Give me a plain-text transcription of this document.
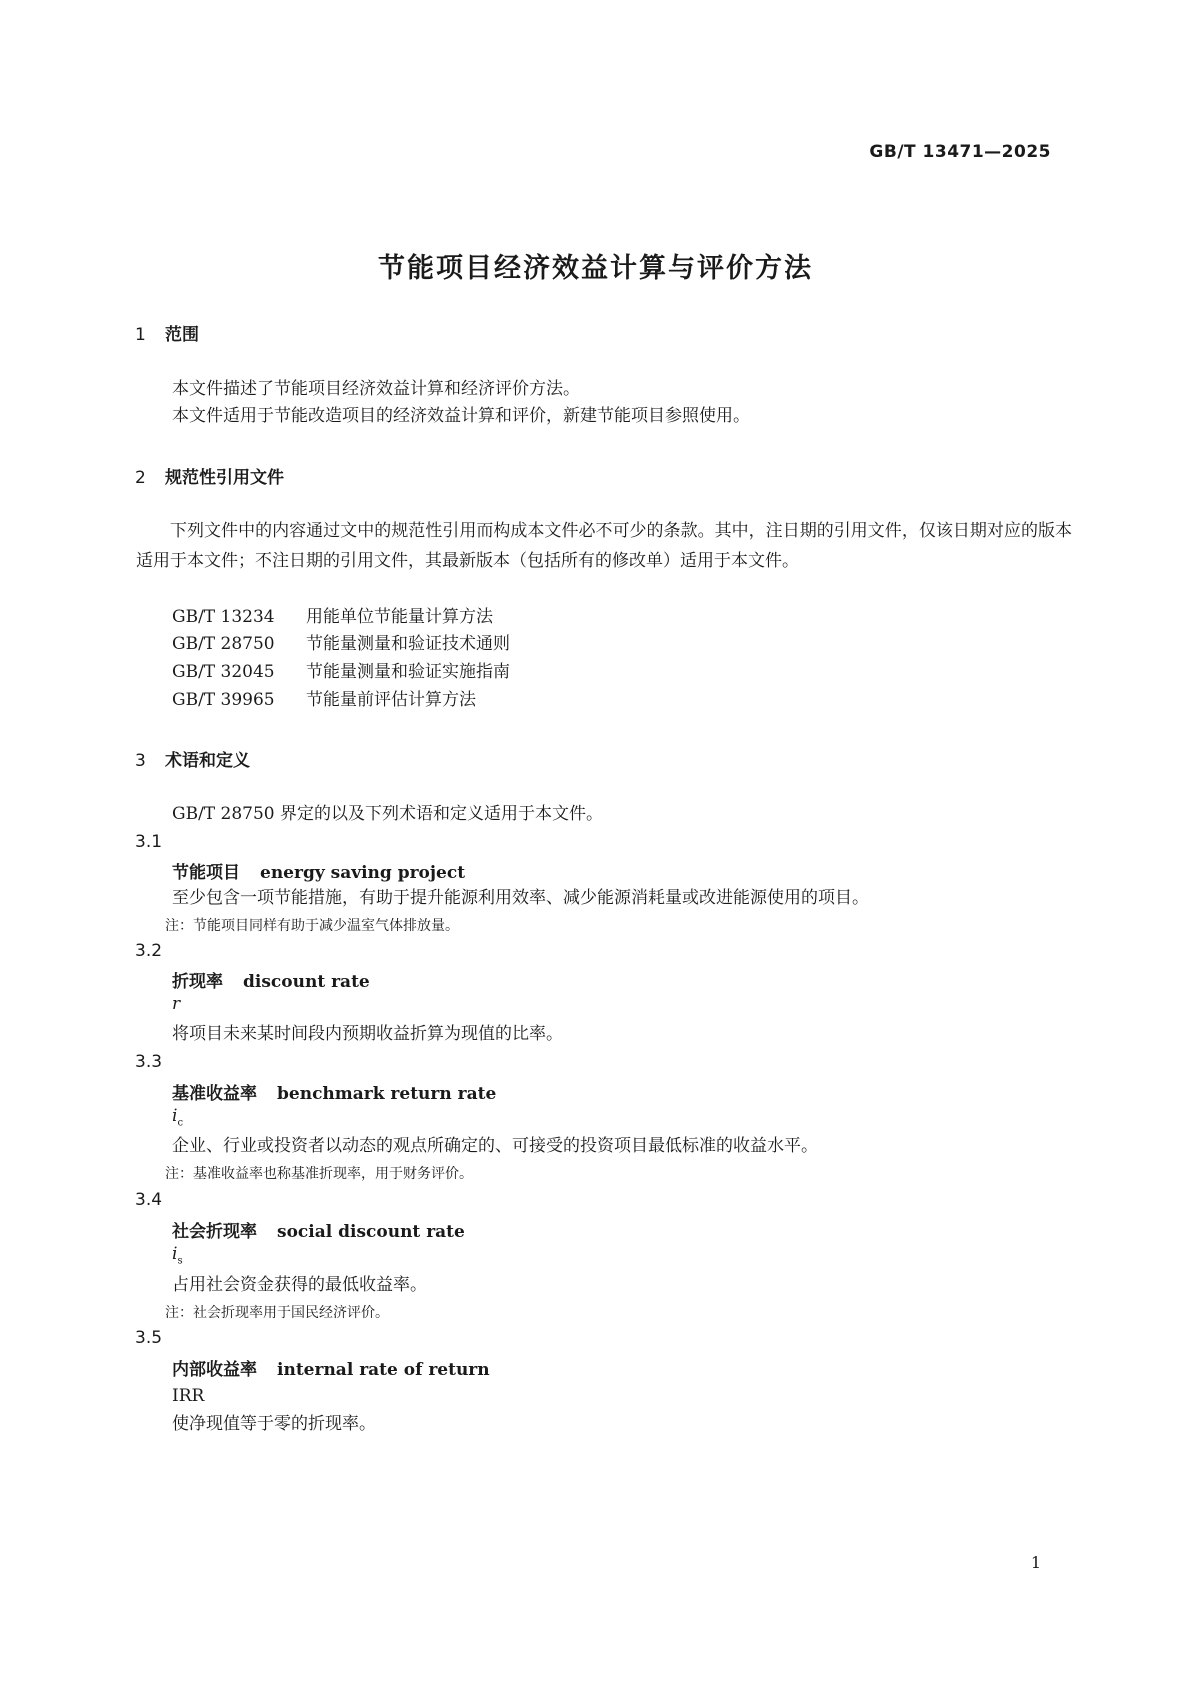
GB/T 13471—2025
节能项目经济效益计算与评价方法
1 范围
本文件描述了节能项目经济效益计算和经济评价方法。
本文件适用于节能改造项目的经济效益计算和评价，新建节能项目参照使用。
2 规范性引用文件
下列文件中的内容通过文中的规范性引用而构成本文件必不可少的条款。其中，注日期的引用文件，仅该日期对应的版本适用于本文件；不注日期的引用文件，其最新版本（包括所有的修改单）适用于本文件。
GB/T 13234 用能单位节能量计算方法
GB/T 28750 节能量测量和验证技术通则
GB/T 32045 节能量测量和验证实施指南
GB/T 39965 节能量前评估计算方法
3 术语和定义
GB/T 28750 界定的以及下列术语和定义适用于本文件。
3.1
节能项目 energy saving project
至少包含一项节能措施，有助于提升能源利用效率、减少能源消耗量或改进能源使用的项目。
注：节能项目同样有助于减少温室气体排放量。
3.2
折现率 discount rate
r
将项目未来某时间段内预期收益折算为现值的比率。
3.3
基准收益率 benchmark return rate
$i_c$
企业、行业或投资者以动态的观点所确定的、可接受的投资项目最低标准的收益水平。
注：基准收益率也称基准折现率，用于财务评价。
3.4
社会折现率 social discount rate
$i_s$
占用社会资金获得的最低收益率。
注：社会折现率用于国民经济评价。
3.5
内部收益率 internal rate of return
IRR
使净现值等于零的折现率。
1
